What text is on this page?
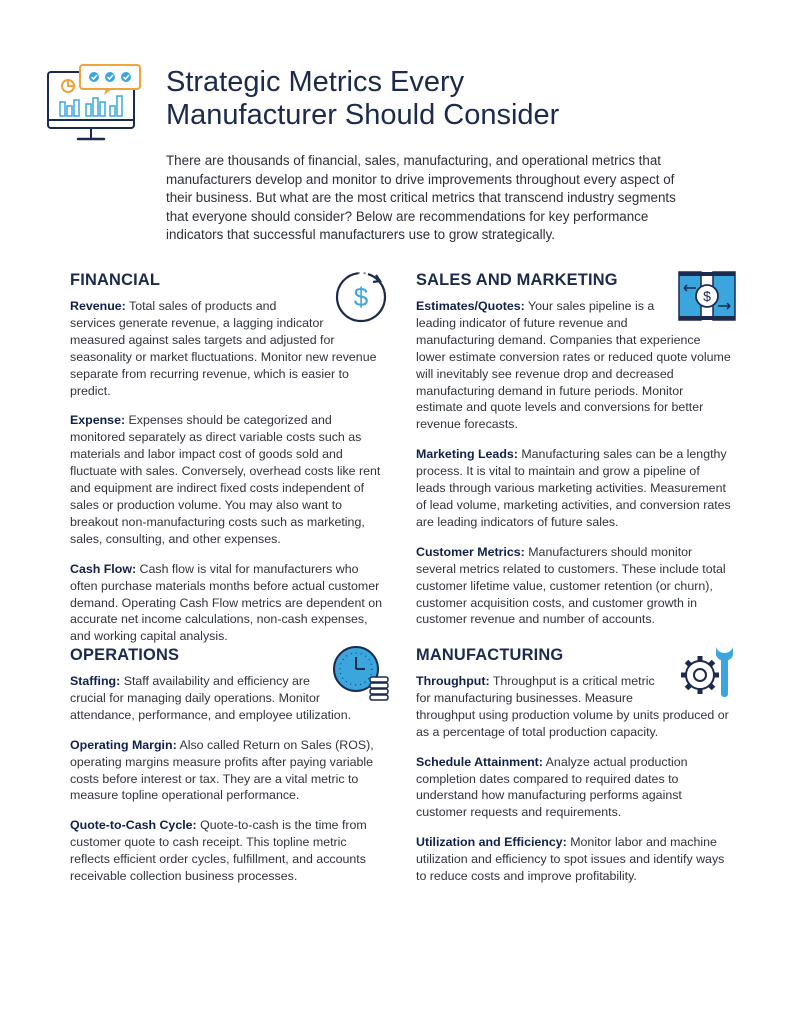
Strategic Metrics Every
Manufacturer Should Consider

There are thousands of financial, sales, manufacturing, and operational metrics that manufacturers develop and monitor to drive improvements throughout every aspect of their business. But what are the most critical metrics that transcend industry segments that everyone should consider? Below are recommendations for key performance indicators that successful manufacturers use to grow strategically.

FINANCIAL
$

Revenue: Total sales of products and services generate revenue, a lagging indicator measured against sales targets and adjusted for seasonality or market fluctuations. Monitor new revenue separate from recurring revenue, which is easier to predict.

Expense: Expenses should be categorized and monitored separately as direct variable costs such as materials and labor impact cost of goods sold and fluctuate with sales. Conversely, overhead costs like rent and equipment are indirect fixed costs independent of sales or production volume. You may also want to breakout non-manufacturing costs such as marketing, sales, consulting, and other expenses.

Cash Flow: Cash flow is vital for manufacturers who often purchase materials months before actual customer demand. Operating Cash Flow metrics are dependent on accurate net income calculations, non-cash expenses, and working capital analysis.

SALES AND MARKETING
$

Estimates/Quotes: Your sales pipeline is a leading indicator of future revenue and manufacturing demand. Companies that experience lower estimate conversion rates or reduced quote volume will inevitably see revenue drop and decreased manufacturing demand in future periods. Monitor estimate and quote levels and conversions for better revenue forecasts.

Marketing Leads: Manufacturing sales can be a lengthy process. It is vital to maintain and grow a pipeline of leads through various marketing activities. Measurement of lead volume, marketing activities, and conversion rates are leading indicators of future sales.

Customer Metrics: Manufacturers should monitor several metrics related to customers. These include total customer lifetime value, customer retention (or churn), customer acquisition costs, and customer growth in customer revenue and number of accounts.

OPERATIONS

Staffing: Staff availability and efficiency are crucial for managing daily operations. Monitor attendance, performance, and employee utilization.

Operating Margin: Also called Return on Sales (ROS), operating margins measure profits after paying variable costs before interest or tax. They are a vital metric to measure topline operational performance.

Quote-to-Cash Cycle: Quote-to-cash is the time from customer quote to cash receipt. This topline metric reflects efficient order cycles, fulfillment, and accounts receivable collection business processes.

MANUFACTURING

Throughput: Throughput is a critical metric for manufacturing businesses. Measure throughput using production volume by units produced or as a percentage of total production capacity.

Schedule Attainment: Analyze actual production completion dates compared to required dates to understand how manufacturing performs against customer requests and requirements.

Utilization and Efficiency: Monitor labor and machine utilization and efficiency to spot issues and identify ways to reduce costs and improve profitability.
